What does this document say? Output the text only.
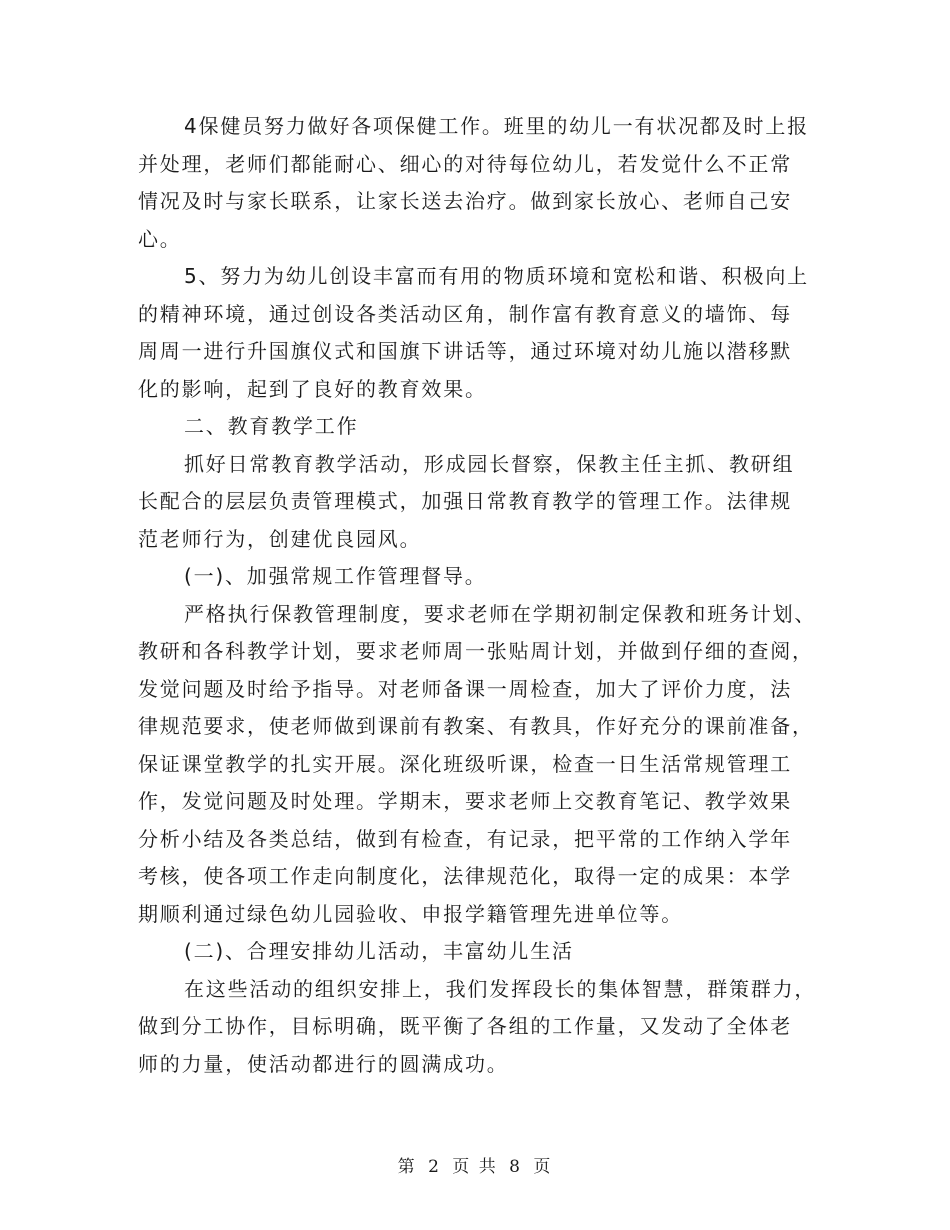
4保健员努力做好各项保健工作。班里的幼儿一有状况都及时上报
并处理，老师们都能耐心、细心的对待每位幼儿，若发觉什么不正常
情况及时与家长联系，让家长送去治疗。做到家长放心、老师自己安
心。
5、努力为幼儿创设丰富而有用的物质环境和宽松和谐、积极向上
的精神环境，通过创设各类活动区角，制作富有教育意义的墙饰、每
周周一进行升国旗仪式和国旗下讲话等，通过环境对幼儿施以潜移默
化的影响，起到了良好的教育效果。
二、教育教学工作
抓好日常教育教学活动，形成园长督察，保教主任主抓、教研组
长配合的层层负责管理模式，加强日常教育教学的管理工作。法律规
范老师行为，创建优良园风。
(一)、加强常规工作管理督导。
严格执行保教管理制度，要求老师在学期初制定保教和班务计划、
教研和各科教学计划，要求老师周一张贴周计划，并做到仔细的查阅，
发觉问题及时给予指导。对老师备课一周检查，加大了评价力度，法
律规范要求，使老师做到课前有教案、有教具，作好充分的课前准备，
保证课堂教学的扎实开展。深化班级听课，检查一日生活常规管理工
作，发觉问题及时处理。学期末，要求老师上交教育笔记、教学效果
分析小结及各类总结，做到有检查，有记录，把平常的工作纳入学年
考核，使各项工作走向制度化，法律规范化，取得一定的成果：本学
期顺利通过绿色幼儿园验收、申报学籍管理先进单位等。
(二)、合理安排幼儿活动，丰富幼儿生活
在这些活动的组织安排上，我们发挥段长的集体智慧，群策群力，
做到分工协作，目标明确，既平衡了各组的工作量，又发动了全体老
师的力量，使活动都进行的圆满成功。
第 2 页 共 8 页
